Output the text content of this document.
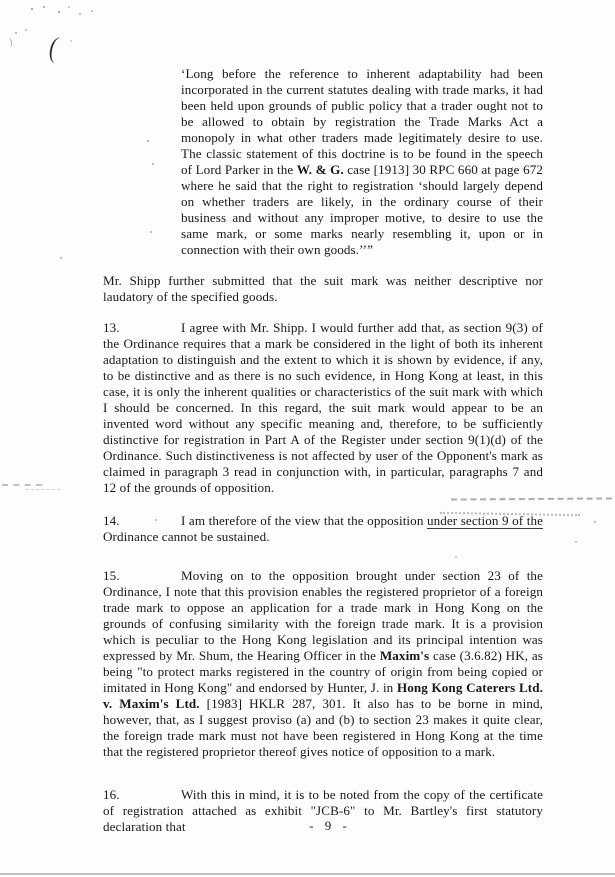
‘Long before the reference to inherent adaptability had been incorporated in the current statutes dealing with trade marks, it had been held upon grounds of public policy that a trader ought not to be allowed to obtain by registration the Trade Marks Act a monopoly in what other traders made legitimately desire to use. The classic statement of this doctrine is to be found in the speech of Lord Parker in the W. & G. case [1913] 30 RPC 660 at page 672 where he said that the right to registration ‘should largely depend on whether traders are likely, in the ordinary course of their business and without any improper motive, to desire to use the same mark, or some marks nearly resembling it, upon or in connection with their own goods.’’”
Mr. Shipp further submitted that the suit mark was neither descriptive nor laudatory of the specified goods.
13.	I agree with Mr. Shipp. I would further add that, as section 9(3) of the Ordinance requires that a mark be considered in the light of both its inherent adaptation to distinguish and the extent to which it is shown by evidence, if any, to be distinctive and as there is no such evidence, in Hong Kong at least, in this case, it is only the inherent qualities or characteristics of the suit mark with which I should be concerned. In this regard, the suit mark would appear to be an invented word without any specific meaning and, therefore, to be sufficiently distinctive for registration in Part A of the Register under section 9(1)(d) of the Ordinance. Such distinctiveness is not affected by user of the Opponent's mark as claimed in paragraph 3 read in conjunction with, in particular, paragraphs 7 and 12 of the grounds of opposition.
14.	I am therefore of the view that the opposition under section 9 of the Ordinance cannot be sustained.
15.	Moving on to the opposition brought under section 23 of the Ordinance, I note that this provision enables the registered proprietor of a foreign trade mark to oppose an application for a trade mark in Hong Kong on the grounds of confusing similarity with the foreign trade mark. It is a provision which is peculiar to the Hong Kong legislation and its principal intention was expressed by Mr. Shum, the Hearing Officer in the Maxim's case (3.6.82) HK, as being "to protect marks registered in the country of origin from being copied or imitated in Hong Kong" and endorsed by Hunter, J. in Hong Kong Caterers Ltd. v. Maxim's Ltd. [1983] HKLR 287, 301. It also has to be borne in mind, however, that, as I suggest proviso (a) and (b) to section 23 makes it quite clear, the foreign trade mark must not have been registered in Hong Kong at the time that the registered proprietor thereof gives notice of opposition to a mark.
16.	With this in mind, it is to be noted from the copy of the certificate of registration attached as exhibit "JCB-6" to Mr. Bartley's first statutory declaration that	- 9 -
